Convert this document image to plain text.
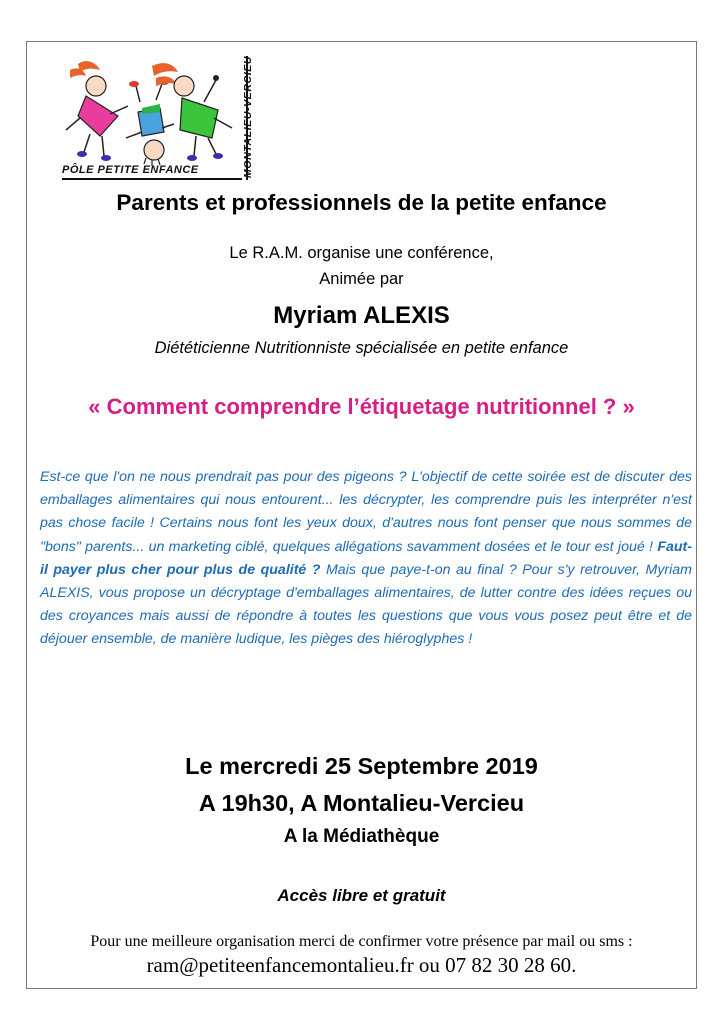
PÔLE PETITE ENFANCE	MONTALIEU-VERCIEU
Parents et professionnels de la petite enfance
Le R.A.M. organise une conférence,
Animée par
Myriam ALEXIS
Diététicienne Nutritionniste spécialisée en petite enfance
« Comment comprendre l’étiquetage nutritionnel ? »
Est-ce que l'on ne nous prendrait pas pour des pigeons ? L'objectif de cette soirée est de discuter des emballages alimentaires qui nous entourent... les décrypter, les comprendre puis les interpréter n'est pas chose facile ! Certains nous font les yeux doux, d'autres nous font penser que nous sommes de "bons" parents... un marketing ciblé, quelques allégations savamment dosées et le tour est joué ! Faut-il payer plus cher pour plus de qualité ? Mais que paye-t-on au final ? Pour s'y retrouver, Myriam ALEXIS, vous propose un décryptage d'emballages alimentaires, de lutter contre des idées reçues ou des croyances mais aussi de répondre à toutes les questions que vous vous posez peut être et de déjouer ensemble, de manière ludique, les pièges des hiéroglyphes !
Le mercredi 25 Septembre 2019
A 19h30, A Montalieu-Vercieu
A la Médiathèque
Accès libre et gratuit
Pour une meilleure organisation merci de confirmer votre présence par mail ou sms :
ram@petiteenfancemontalieu.fr ou 07 82 30 28 60.
